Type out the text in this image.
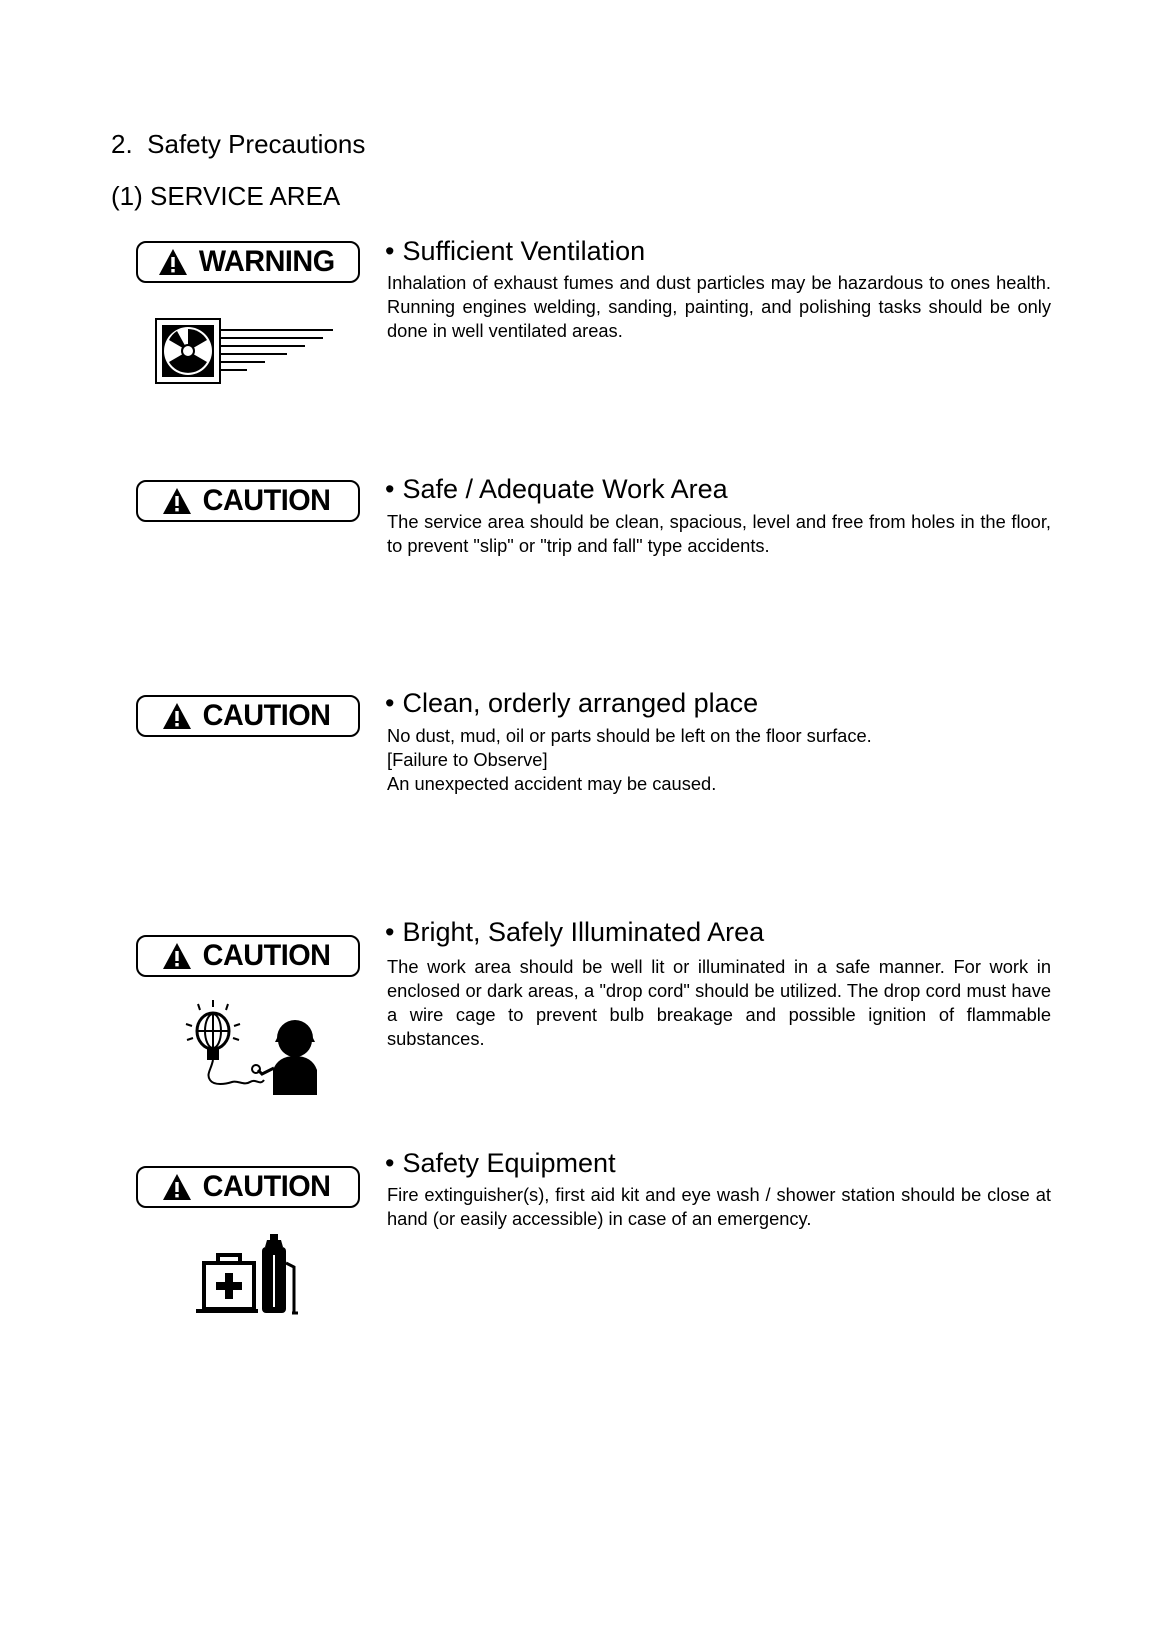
2. Safety Precautions
(1) SERVICE AREA
WARNING • Sufficient Ventilation

Inhalation of exhaust fumes and dust particles may be hazardous to ones health. Running engines welding, sanding, painting, and polishing tasks should be only done in well ventilated areas.

CAUTION • Safe / Adequate Work Area

The service area should be clean, spacious, level and free from holes in the floor, to prevent "slip" or "trip and fall" type accidents.

CAUTION • Clean, orderly arranged place

No dust, mud, oil or parts should be left on the floor surface.
[Failure to Observe]
An unexpected accident may be caused.

CAUTION
• Bright, Safely Illuminated Area

The work area should be well lit or illuminated in a safe manner. For work in enclosed or dark areas, a "drop cord" should be utilized. The drop cord must have a wire cage to prevent bulb breakage and possible ignition of flammable substances.

CAUTION
• Safety Equipment

Fire extinguisher(s), first aid kit and eye wash / shower station should be close at hand (or easily accessible) in case of an emergency.
